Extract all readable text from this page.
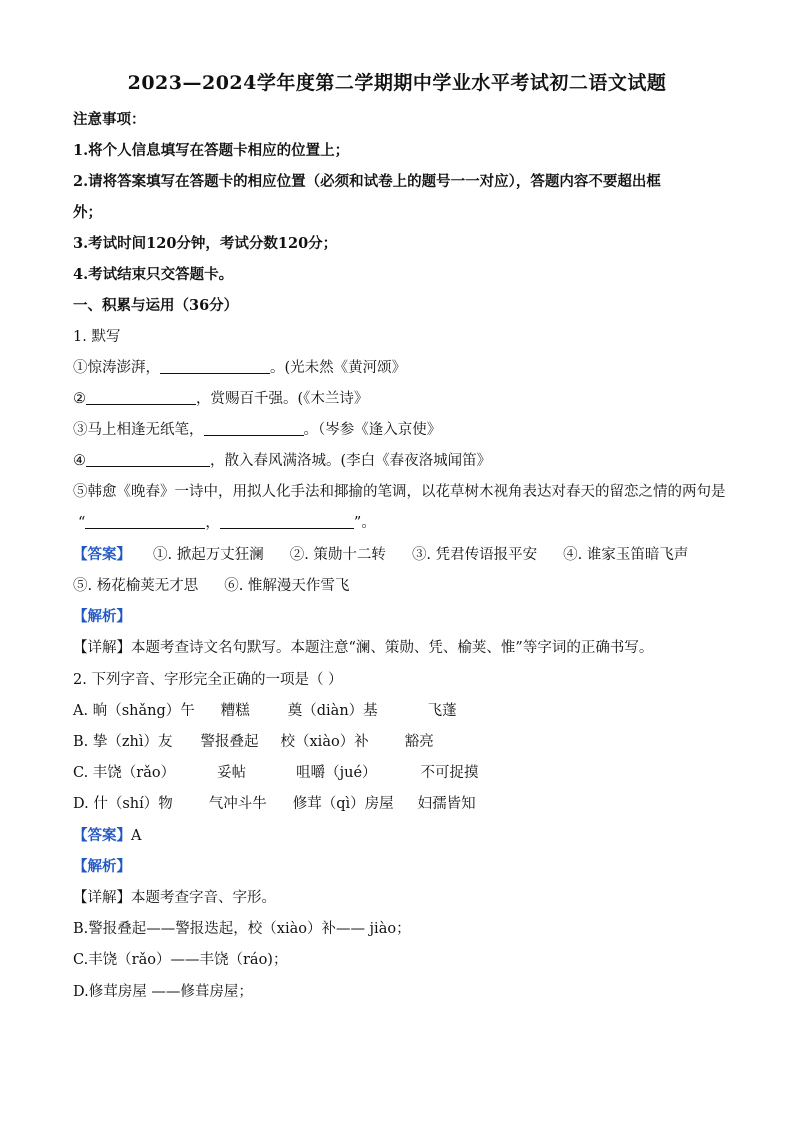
2023—2024学年度第二学期期中学业水平考试初二语文试题
注意事项：
1.将个人信息填写在答题卡相应的位置上；
2.请将答案填写在答题卡的相应位置（必须和试卷上的题号一一对应），答题内容不要超出框
外；
3.考试时间120分钟，考试分数120分；
4.考试结束只交答题卡。
一、积累与运用（36分）
1. 默写
①惊涛澎湃，	。(光未然《黄河颂》
②	，赏赐百千强。(《木兰诗》
③马上相逢无纸笔，	。（岑参《逢入京使》
④	，散入春风满洛城。(李白《春夜洛城闻笛》
⑤韩愈《晚春》一诗中，用拟人化手法和揶揄的笔调，以花草树木视角表达对春天的留恋之情的两句是
“	，	”。
【答案】 ①. 掀起万丈狂澜 ②. 策勋十二转 ③. 凭君传语报平安 ④. 谁家玉笛暗飞声
⑤. 杨花榆荚无才思 ⑥. 惟解漫天作雪飞
【解析】
【详解】本题考查诗文名句默写。本题注意“澜、策勋、凭、榆荚、惟”等字词的正确书写。
2. 下列字音、字形完全正确的一项是（ ）
A. 晌（shǎng）午 糟糕	奠（diàn）基	飞蓬
B. 挚（zhì）友 警报叠起 校（xiào）补 豁亮
C. 丰饶（rǎo）	妥帖	咀嚼（jué）	不可捉摸
D. 什（shí）物 气冲斗牛 修茸（qì）房屋 妇孺皆知
【答案】A
【解析】
【详解】本题考查字音、字形。
B.警报叠起——警报迭起，校（xiào）补—— jiào；
C.丰饶（rǎo）——丰饶（ráo)；
D.修茸房屋 ——修葺房屋；
